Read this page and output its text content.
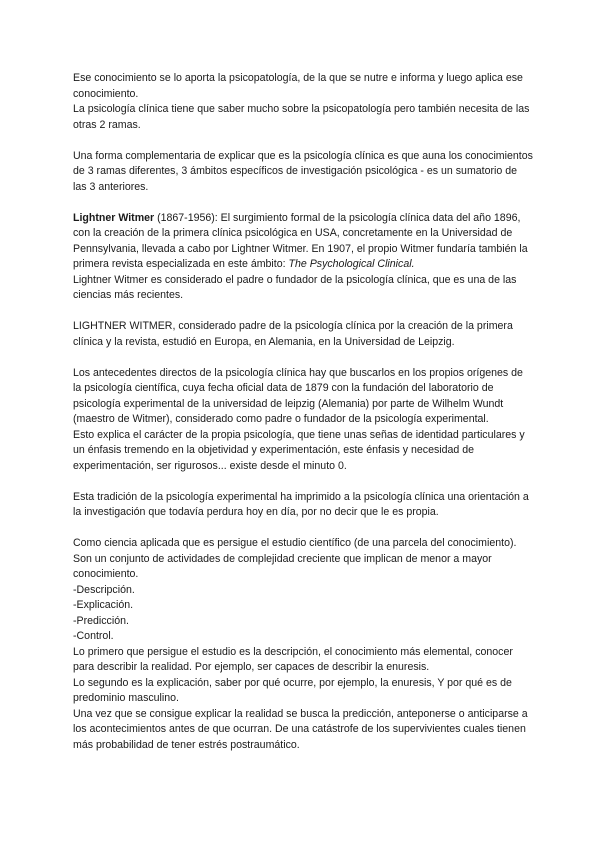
Ese conocimiento se lo aporta la psicopatología, de la que se nutre e informa y luego aplica ese conocimiento.

La psicología clínica tiene que saber mucho sobre la psicopatología pero también necesita de las otras 2 ramas.

Una forma complementaria de explicar que es la psicología clínica es que auna los conocimientos de 3 ramas diferentes, 3 ámbitos específicos de investigación psicológica - es un sumatorio de las 3 anteriores.

Lightner Witmer (1867-1956): El surgimiento formal de la psicología clínica data del año 1896, con la creación de la primera clínica psicológica en USA, concretamente en la Universidad de Pennsylvania, llevada a cabo por Lightner Witmer. En 1907, el propio Witmer fundaría también la primera revista especializada en este ámbito: The Psychological Clinical.

Lightner Witmer es considerado el padre o fundador de la psicología clínica, que es una de las ciencias más recientes.

LIGHTNER WITMER, considerado padre de la psicología clínica por la creación de la primera clínica y la revista, estudió en Europa, en Alemania, en la Universidad de Leipzig.

Los antecedentes directos de la psicología clínica hay que buscarlos en los propios orígenes de la psicología científica, cuya fecha oficial data de 1879 con la fundación del laboratorio de psicología experimental de la universidad de leipzig (Alemania) por parte de Wilhelm Wundt (maestro de Witmer), considerado como padre o fundador de la psicología experimental.

Esto explica el carácter de la propia psicología, que tiene unas señas de identidad particulares y un énfasis tremendo en la objetividad y experimentación, este énfasis y necesidad de experimentación, ser rigurosos... existe desde el minuto 0.

Esta tradición de la psicología experimental ha imprimido a la psicología clínica una orientación a la investigación que todavía perdura hoy en día, por no decir que le es propia.

Como ciencia aplicada que es persigue el estudio científico (de una parcela del conocimiento). Son un conjunto de actividades de complejidad creciente que implican de menor a mayor conocimiento.

-Descripción.

-Explicación.

-Predicción.

-Control.

Lo primero que persigue el estudio es la descripción, el conocimiento más elemental, conocer para describir la realidad. Por ejemplo, ser capaces de describir la enuresis.

Lo segundo es la explicación, saber por qué ocurre, por ejemplo, la enuresis, Y por qué es de predominio masculino.

Una vez que se consigue explicar la realidad se busca la predicción, anteponerse o anticiparse a los acontecimientos antes de que ocurran. De una catástrofe de los supervivientes cuales tienen más probabilidad de tener estrés postraumático.
